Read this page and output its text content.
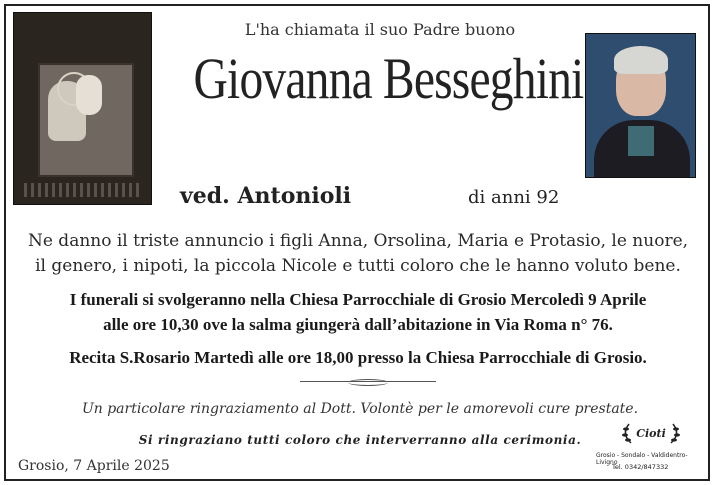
L'ha chiamata il suo Padre buono
Giovanna Besseghini
ved. Antonioli	di anni 92

Ne danno il triste annuncio i figli Anna, Orsolina, Maria e Protasio, le nuore,

il genero, i nipoti, la piccola Nicole e tutti coloro che le hanno voluto bene.

I funerali si svolgeranno nella Chiesa Parrocchiale di Grosio Mercoledì 9 Aprile

alle ore 10,30 ove la salma giungerà dall’abitazione in Via Roma n° 76.

Recita S.Rosario Martedì alle ore 18,00 presso la Chiesa Parrocchiale di Grosio.
Un particolare ringraziamento al Dott. Volontè per le amorevoli cure prestate.
Si ringraziano tutti coloro che interverranno alla cerimonia.
Grosio, 7 Aprile 2025
Cioti
Grosio - Sondalo - Valdidentro-Livigno
Tel. 0342/847332
